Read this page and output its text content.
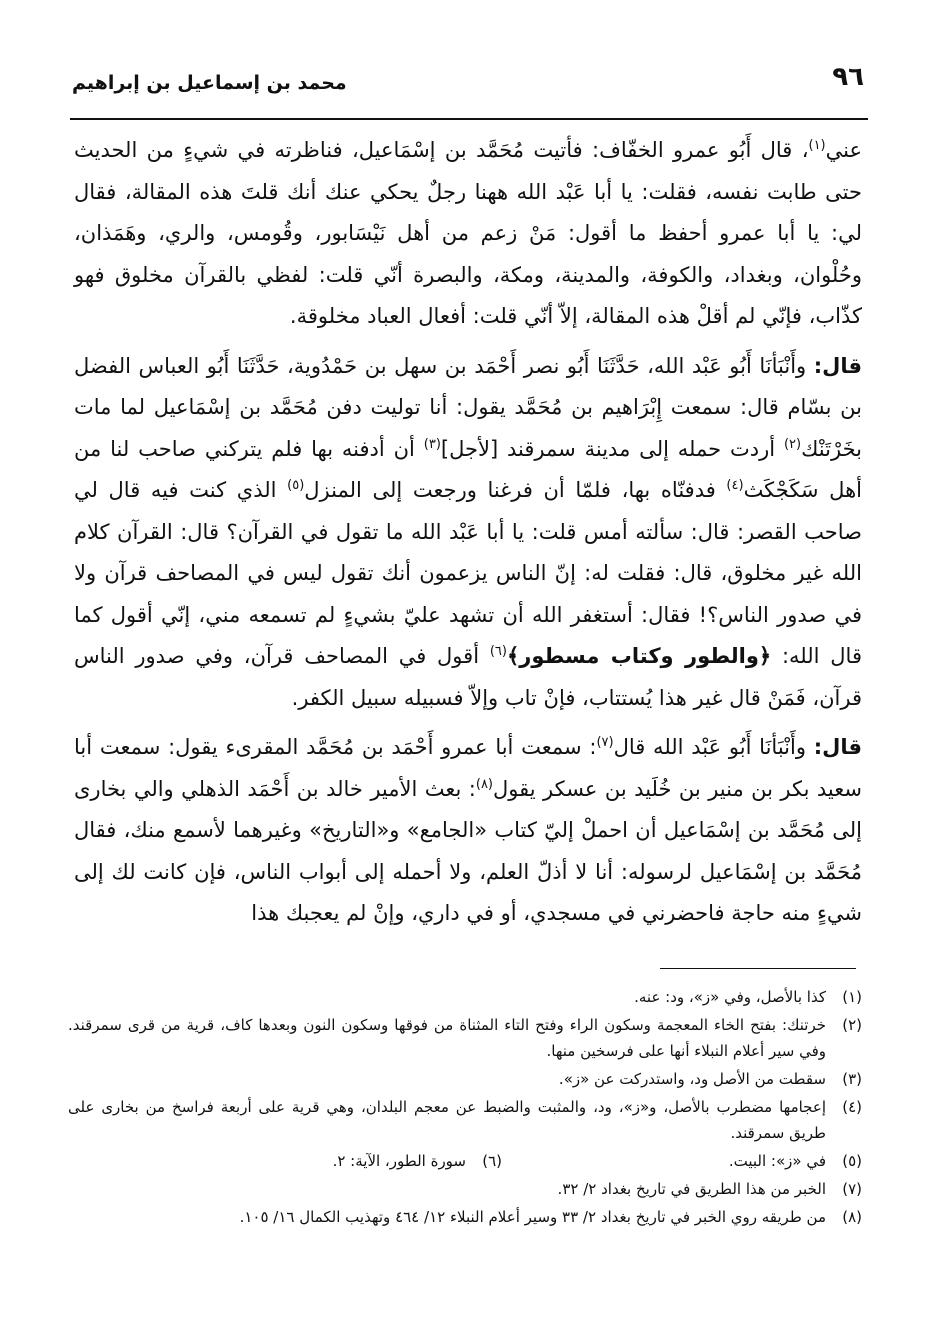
٩٦
محمد بن إسماعيل بن إبراهيم

عني$^{(١)}$، قال أَبُو عمرو الخفّاف: فأتيت مُحَمَّد بن إسْمَاعيل، فناظرته في شيءٍ من الحديث حتى طابت نفسه، فقلت: يا أبا عَبْد الله ههنا رجلٌ يحكي عنك أنك قلتَ هذه المقالة، فقال لي: يا أبا عمرو أحفظ ما أقول: مَنْ زعم من أهل نَيْسَابور، وقُومس، والري، وهَمَذان، وحُلْوان، وبغداد، والكوفة، والمدينة، ومكة، والبصرة أنّي قلت: لفظي بالقرآن مخلوق فهو كذّاب، فإنّي لم أقلْ هذه المقالة، إلاّ أنّي قلت: أفعال العباد مخلوقة.

قال: وأَنْبَأنَا أَبُو عَبْد الله، حَدَّثَنَا أَبُو نصر أَحْمَد بن سهل بن حَمْدُوية، حَدَّثَنَا أَبُو العباس الفضل بن بسّام قال: سمعت إِبْرَاهيم بن مُحَمَّد يقول: أنا توليت دفن مُحَمَّد بن إسْمَاعيل لما مات بخَرْتَنْك$^{(٢)}$ أردت حمله إلى مدينة سمرقند [لأجل]$^{(٣)}$ أن أدفنه بها فلم يتركني صاحب لنا من أهل سَكَجْكَث$^{(٤)}$ فدفنّاه بها، فلمّا أن فرغنا ورجعت إلى المنزل$^{(٥)}$ الذي كنت فيه قال لي صاحب القصر: قال: سألته أمس قلت: يا أبا عَبْد الله ما تقول في القرآن؟ قال: القرآن كلام الله غير مخلوق، قال: فقلت له: إنّ الناس يزعمون أنك تقول ليس في المصاحف قرآن ولا في صدور الناس؟! فقال: أستغفر الله أن تشهد عليّ بشيءٍ لم تسمعه مني، إنّي أقول كما قال الله: ﴿والطور وكتاب مسطور﴾$^{(٦)}$ أقول في المصاحف قرآن، وفي صدور الناس قرآن، فَمَنْ قال غير هذا يُستتاب، فإنْ تاب وإلاّ فسبيله سبيل الكفر.

قال: وأَنْبَأنَا أَبُو عَبْد الله قال$^{(٧)}$: سمعت أبا عمرو أَحْمَد بن مُحَمَّد المقرىء يقول: سمعت أبا سعيد بكر بن منير بن خُلَيد بن عسكر يقول$^{(٨)}$: بعث الأمير خالد بن أَحْمَد الذهلي والي بخارى إلى مُحَمَّد بن إسْمَاعيل أن احملْ إليّ كتاب «الجامع» و«التاريخ» وغيرهما لأسمع منك، فقال مُحَمَّد بن إسْمَاعيل لرسوله: أنا لا أذلّ العلم، ولا أحمله إلى أبواب الناس، فإن كانت لك إلى شيءٍ منه حاجة فاحضرني في مسجدي، أو في داري، وإنْ لم يعجبك هذا

(١)
كذا بالأصل، وفي «ز»، ود: عنه.
(٢)
خرتنك: بفتح الخاء المعجمة وسكون الراء وفتح التاء المثناة من فوقها وسكون النون وبعدها كاف، قرية من قرى سمرقند. وفي سير أعلام النبلاء أنها على فرسخين منها.
(٣)
سقطت من الأصل ود، واستدركت عن «ز».
(٤)
إعجامها مضطرب بالأصل، و«ز»، ود، والمثبت والضبط عن معجم البلدان، وهي قرية على أربعة فراسخ من بخارى على طريق سمرقند.
(٥)
في «ز»: البيت.
(٦)
سورة الطور، الآية: ٢.
(٧)
الخبر من هذا الطريق في تاريخ بغداد ٢/ ٣٢.
(٨)
من طريقه روي الخبر في تاريخ بغداد ٢/ ٣٣ وسير أعلام النبلاء ١٢/ ٤٦٤ وتهذيب الكمال ١٦/ ١٠٥.
